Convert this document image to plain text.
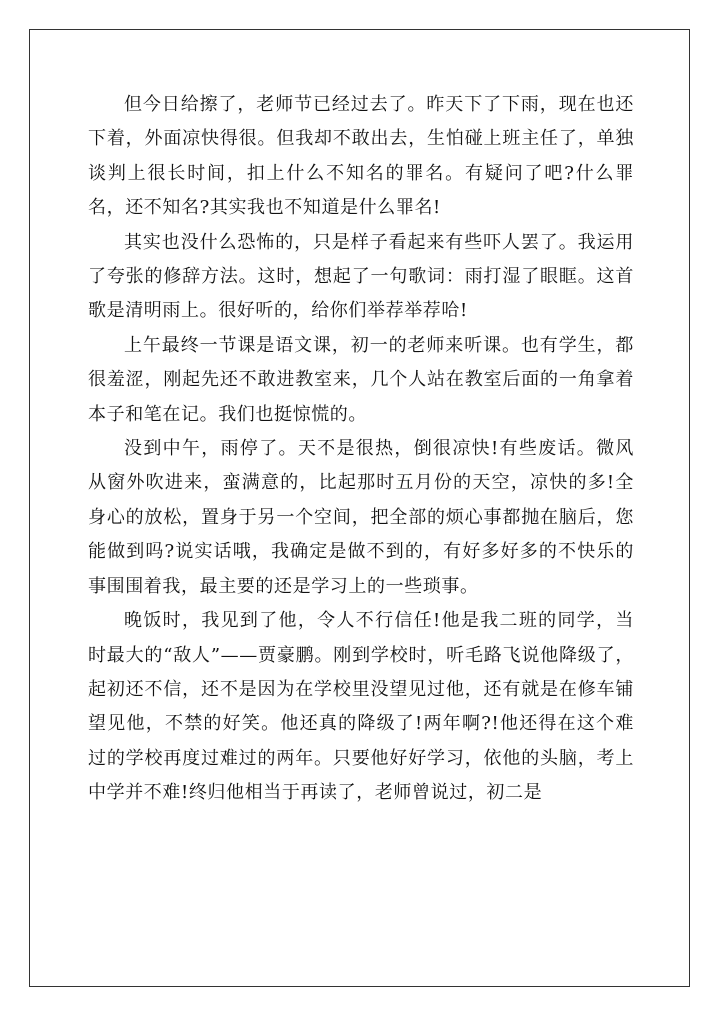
但今日给擦了，老师节已经过去了。昨天下了下雨，现在也还下着，外面凉快得很。但我却不敢出去，生怕碰上班主任了，单独谈判上很长时间，扣上什么不知名的罪名。有疑问了吧?什么罪名，还不知名?其实我也不知道是什么罪名!

其实也没什么恐怖的，只是样子看起来有些吓人罢了。我运用了夸张的修辞方法。这时，想起了一句歌词：雨打湿了眼眶。这首歌是清明雨上。很好听的，给你们举荐举荐哈!

上午最终一节课是语文课，初一的老师来听课。也有学生，都很羞涩，刚起先还不敢进教室来，几个人站在教室后面的一角拿着本子和笔在记。我们也挺惊慌的。

没到中午，雨停了。天不是很热，倒很凉快!有些废话。微风从窗外吹进来，蛮满意的，比起那时五月份的天空，凉快的多!全身心的放松，置身于另一个空间，把全部的烦心事都抛在脑后，您能做到吗?说实话哦，我确定是做不到的，有好多好多的不快乐的事围围着我，最主要的还是学习上的一些琐事。

晚饭时，我见到了他，令人不行信任!他是我二班的同学，当时最大的“敌人”——贾豪鹏。刚到学校时，听毛路飞说他降级了，起初还不信，还不是因为在学校里没望见过他，还有就是在修车铺望见他，不禁的好笑。他还真的降级了!两年啊?!他还得在这个难过的学校再度过难过的两年。只要他好好学习，依他的头脑，考上中学并不难!终归他相当于再读了，老师曾说过，初二是
